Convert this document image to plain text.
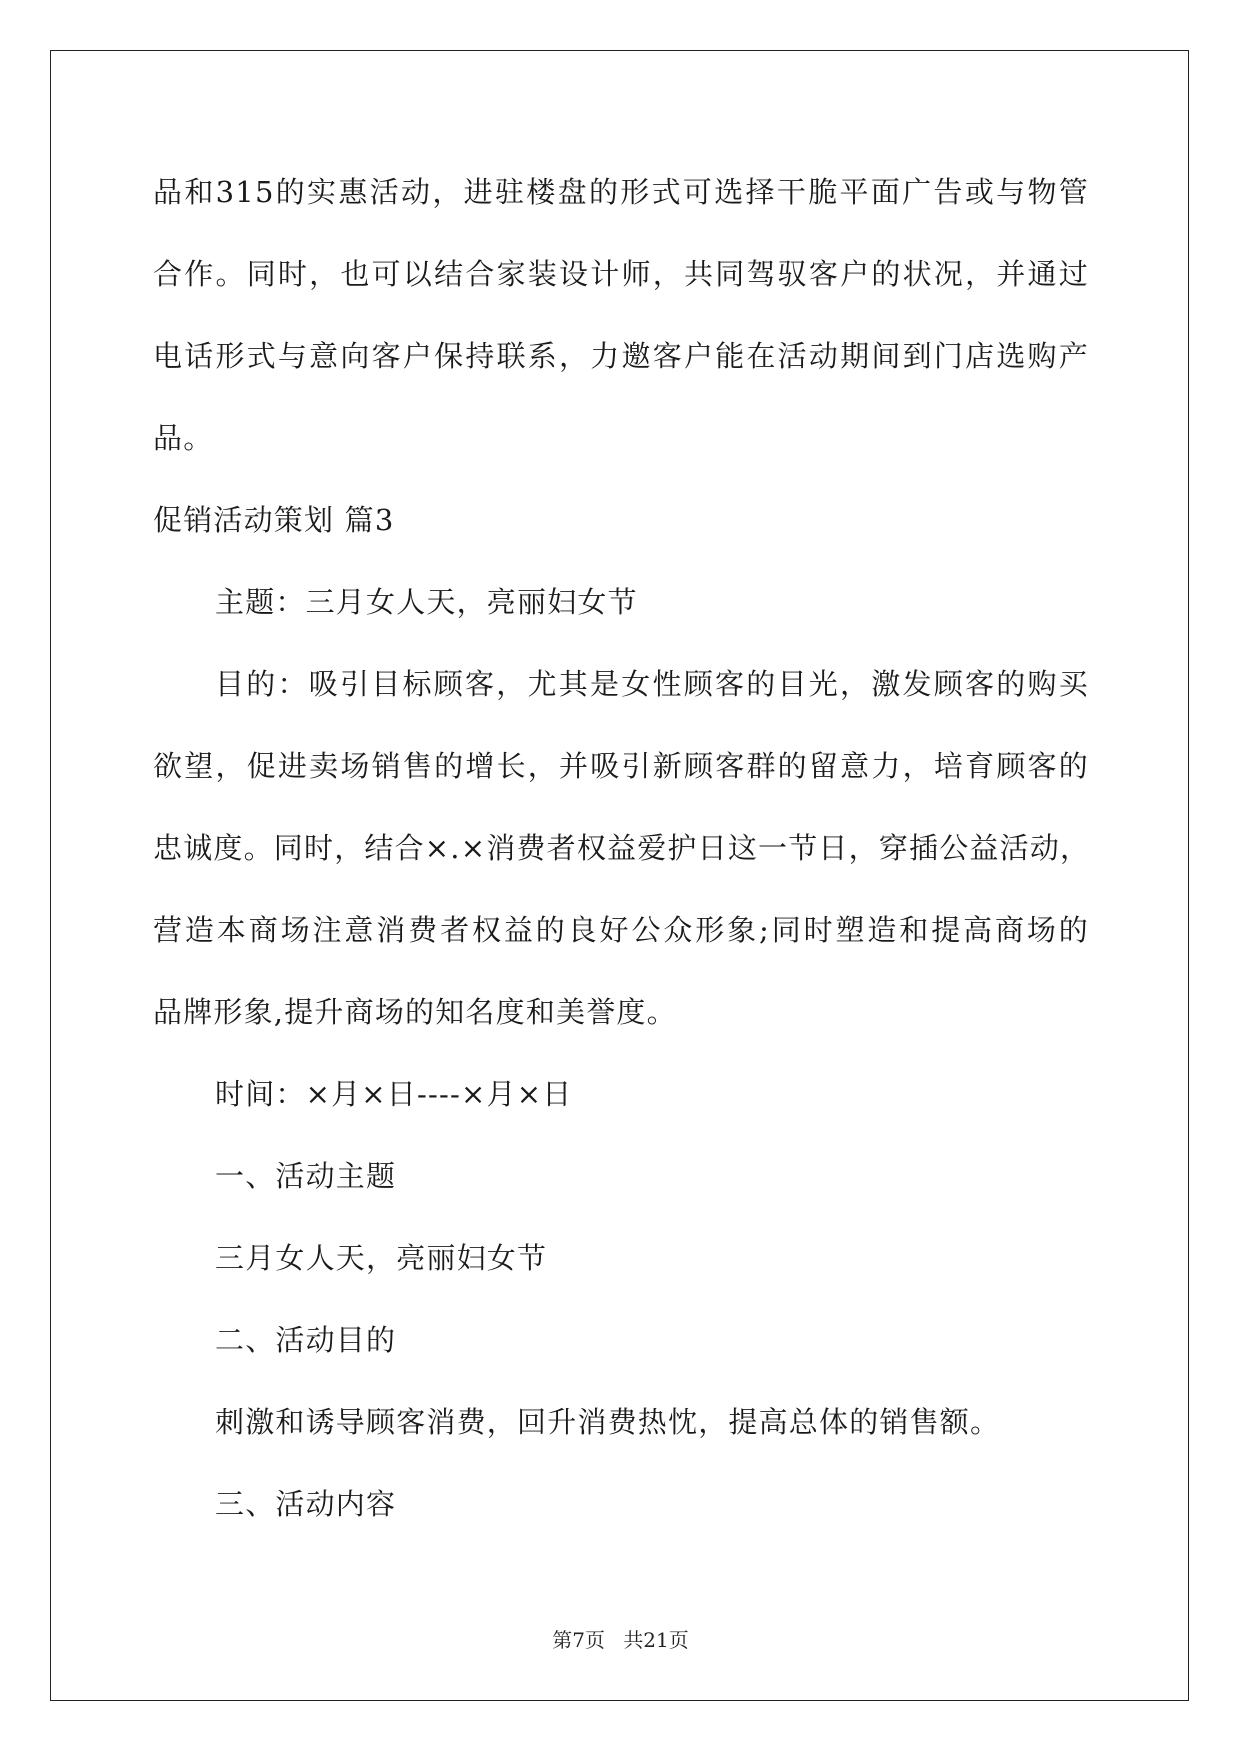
品和315的实惠活动，进驻楼盘的形式可选择干脆平面广告或与物管
合作。同时，也可以结合家装设计师，共同驾驭客户的状况，并通过
电话形式与意向客户保持联系，力邀客户能在活动期间到门店选购产
品。
促销活动策划 篇3
主题：三月女人天，亮丽妇女节
目的：吸引目标顾客，尤其是女性顾客的目光，激发顾客的购买
欲望，促进卖场销售的增长，并吸引新顾客群的留意力，培育顾客的
忠诚度。同时，结合×.×消费者权益爱护日这一节日，穿插公益活动，
营造本商场注意消费者权益的良好公众形象;同时塑造和提高商场的
品牌形象,提升商场的知名度和美誉度。
时间：×月×日----×月×日
一、活动主题
三月女人天，亮丽妇女节
二、活动目的
刺激和诱导顾客消费，回升消费热忱，提高总体的销售额。
三、活动内容
第7页 共21页
